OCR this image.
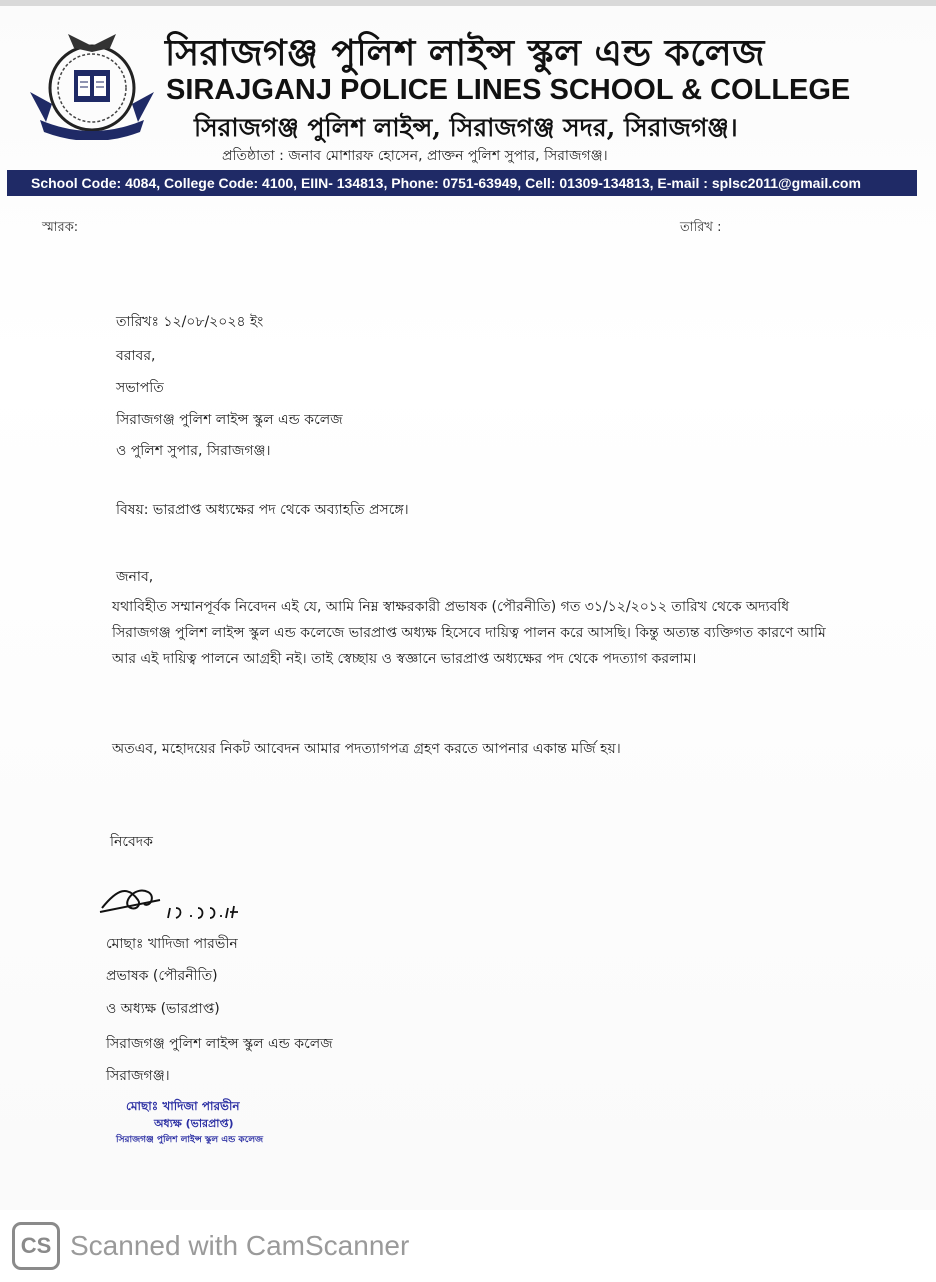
সিরাজগঞ্জ পুলিশ লাইন্স স্কুল এন্ড কলেজ
SIRAJGANJ POLICE LINES SCHOOL & COLLEGE
সিরাজগঞ্জ পুলিশ লাইন্স, সিরাজগঞ্জ সদর, সিরাজগঞ্জ।
প্রতিষ্ঠাতা : জনাব মোশারফ হোসেন, প্রাক্তন পুলিশ সুপার, সিরাজগঞ্জ।
School Code: 4084, College Code: 4100, EIIN- 134813, Phone: 0751-63949, Cell: 01309-134813, E-mail : splsc2011@gmail.com
স্মারক:	তারিখ :
তারিখঃ ১২/০৮/২০২৪ ইং
বরাবর,
সভাপতি
সিরাজগঞ্জ পুলিশ লাইন্স স্কুল এন্ড কলেজ
ও পুলিশ সুপার, সিরাজগঞ্জ।
বিষয়: ভারপ্রাপ্ত অধ্যক্ষের পদ থেকে অব্যাহতি প্রসঙ্গে।
জনাব,
যথাবিহীত সম্মানপূর্বক নিবেদন এই যে, আমি নিম্ন স্বাক্ষরকারী প্রভাষক (পৌরনীতি) গত ৩১/১২/২০১২ তারিখ থেকে অদ্যবধি সিরাজগঞ্জ পুলিশ লাইন্স স্কুল এন্ড কলেজে ভারপ্রাপ্ত অধ্যক্ষ হিসেবে দায়িত্ব পালন করে আসছি। কিন্তু অত্যন্ত ব্যক্তিগত কারণে আমি আর এই দায়িত্ব পালনে আগ্রহী নই। তাই স্বেচ্ছায় ও স্বজ্ঞানে ভারপ্রাপ্ত অধ্যক্ষের পদ থেকে পদত্যাগ করলাম।
অতএব, মহোদয়ের নিকট আবেদন আমার পদত্যাগপত্র গ্রহণ করতে আপনার একান্ত মর্জি হয়।
নিবেদক
মোছাঃ খাদিজা পারভীন
প্রভাষক (পৌরনীতি)
ও অধ্যক্ষ (ভারপ্রাপ্ত)
সিরাজগঞ্জ পুলিশ লাইন্স স্কুল এন্ড কলেজ
সিরাজগঞ্জ।
মোছাঃ খাদিজা পারভীন
অধ্যক্ষ (ভারপ্রাপ্ত)
সিরাজগঞ্জ পুলিশ লাইন্স স্কুল এন্ড কলেজ
CS Scanned with CamScanner
